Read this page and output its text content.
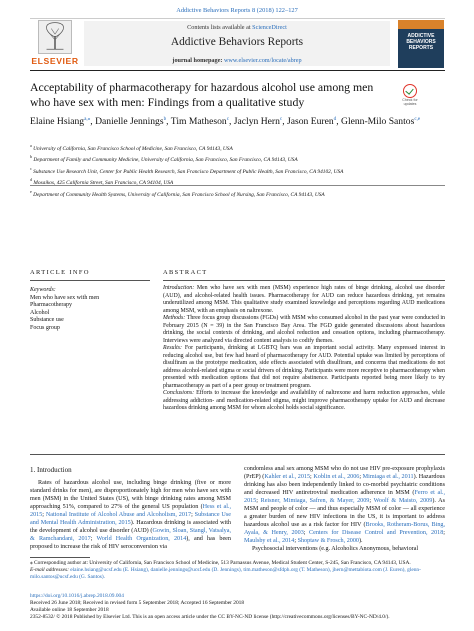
Addictive Behaviors Reports 8 (2018) 122–127
ELSEVIER
Contents lists available at ScienceDirect
Addictive Behaviors Reports
journal homepage: www.elsevier.com/locate/abrep
ADDICTIVE BEHAVIORS REPORTS
Acceptability of pharmacotherapy for hazardous alcohol use among men who have sex with men: Findings from a qualitative study	Check for updates
Elaine Hsiang$^{a,⁎}$, Danielle Jennings$^b$, Tim Matheson$^c$, Jaclyn Hern$^c$, Jason Euren$^d$, Glenn-Milo Santos$^{c,e}$
$^a$ University of California, San Francisco School of Medicine, San Francisco, CA 94143, USA
$^b$ Department of Family and Community Medicine, University of California, San Francisco, San Francisco, CA 94143, USA
$^c$ Substance Use Research Unit, Center for Public Health Research, San Francisco Department of Public Health, San Francisco, CA 94102, USA
$^d$ Mosaikos, 425 California Street, San Francisco, CA 94104, USA
$^e$ Department of Community Health Systems, University of California, San Francisco School of Nursing, San Francisco, CA 94143, USA
ARTICLE INFO	ABSTRACT
Keywords:
Men who have sex with men
Pharmacotherapy
Alcohol
Substance use
Focus group
Introduction: Men who have sex with men (MSM) experience high rates of binge drinking, alcohol use disorder (AUD), and alcohol-related health issues. Pharmacotherapy for AUD can reduce hazardous drinking, yet remains underutilized among MSM. This qualitative study examined knowledge and perceptions regarding AUD medications among MSM, with an emphasis on naltrexone.
Methods: Three focus group discussions (FGDs) with MSM who consumed alcohol in the past year were conducted in February 2015 (N = 39) in the San Francisco Bay Area. The FGD guide generated discussions about hazardous drinking, the social contexts of drinking, and alcohol reduction and cessation options, including pharmacotherapy. Interviews were analyzed via directed content analysis to codify themes.
Results: For participants, drinking at LGBTQ bars was an important social activity. Many expressed interest in reducing alcohol use, but few had heard of pharmacotherapy for AUD. Potential uptake was limited by perceptions of disulfiram as the prototype medication, side effects associated with disulfiram, and concerns that medications do not address alcohol-related stigma or social drivers of drinking. Participants were more receptive to pharmacotherapy when presented with medication options that did not require abstinence. Participants reported being more likely to try pharmacotherapy as part of a peer group or treatment program.
Conclusions: Efforts to increase the knowledge and availability of naltrexone and harm reduction approaches, while addressing addiction- and medication-related stigma, might improve pharmacotherapy uptake for AUD and decrease hazardous drinking among MSM for whom alcohol holds social significance.
1. Introduction
Rates of hazardous alcohol use, including binge drinking (five or more standard drinks for men), are disproportionately high for men who have sex with men (MSM) in the United States (US), with binge drinking rates among MSM approaching 51%, compared to 27% of the general US population (Hess et al., 2015; National Institute of Alcohol Abuse and Alcoholism, 2017; Substance Use and Mental Health Administration, 2015). Hazardous drinking is associated with the development of alcohol use disorder (AUD) (Gowin, Sloan, Stangl, Vatsalya, & Ramchandani, 2017; World Health Organization, 2014), and has been proposed to increase the risk of HIV seroconversion via
condomless anal sex among MSM who do not use HIV pre-exposure prophylaxis (PrEP) (Kahler et al., 2015; Koblin et al., 2006; Mimiaga et al., 2011). Hazardous drinking has also been independently linked to co-morbid psychiatric conditions and decreased HIV antiretroviral medication adherence in MSM (Ferro et al., 2015; Reisner, Mimiaga, Safren, & Mayer, 2009; Woolf & Maisto, 2009). As MSM and people of color — and thus especially MSM of color — all experience a greater burden of new HIV infections in the US, it is important to address hazardous alcohol use as a risk factor for HIV (Brooks, Rotheram-Borus, Bing, Ayala, & Henry, 2003; Centers for Disease Control and Prevention, 2018; Maulsby et al., 2014; Shoptaw & Frosch, 2000).
Psychosocial interventions (e.g. Alcoholics Anonymous, behavioral
⁎ Corresponding author at: University of California, San Francisco School of Medicine, 513 Parnassus Avenue, Medical Student Center, S-245, San Francisco, CA 94143, USA.
E-mail addresses: elaine.hsiang@ucsf.edu (E. Hsiang), danielle.jennings@ucsf.edu (D. Jennings), tim.matheson@sfdph.org (T. Matheson), jhern@mettabiota.com (J. Euren), glenn-milo.santos@ucsf.edu (G. Santos).
https://doi.org/10.1016/j.abrep.2018.09.004
Received 26 June 2018; Received in revised form 5 September 2018; Accepted 16 September 2018
Available online 18 September 2018
2352-8532/ © 2018 Published by Elsevier Ltd. This is an open access article under the CC BY-NC-ND license (http://creativecommons.org/licenses/BY-NC-ND/4.0/).
